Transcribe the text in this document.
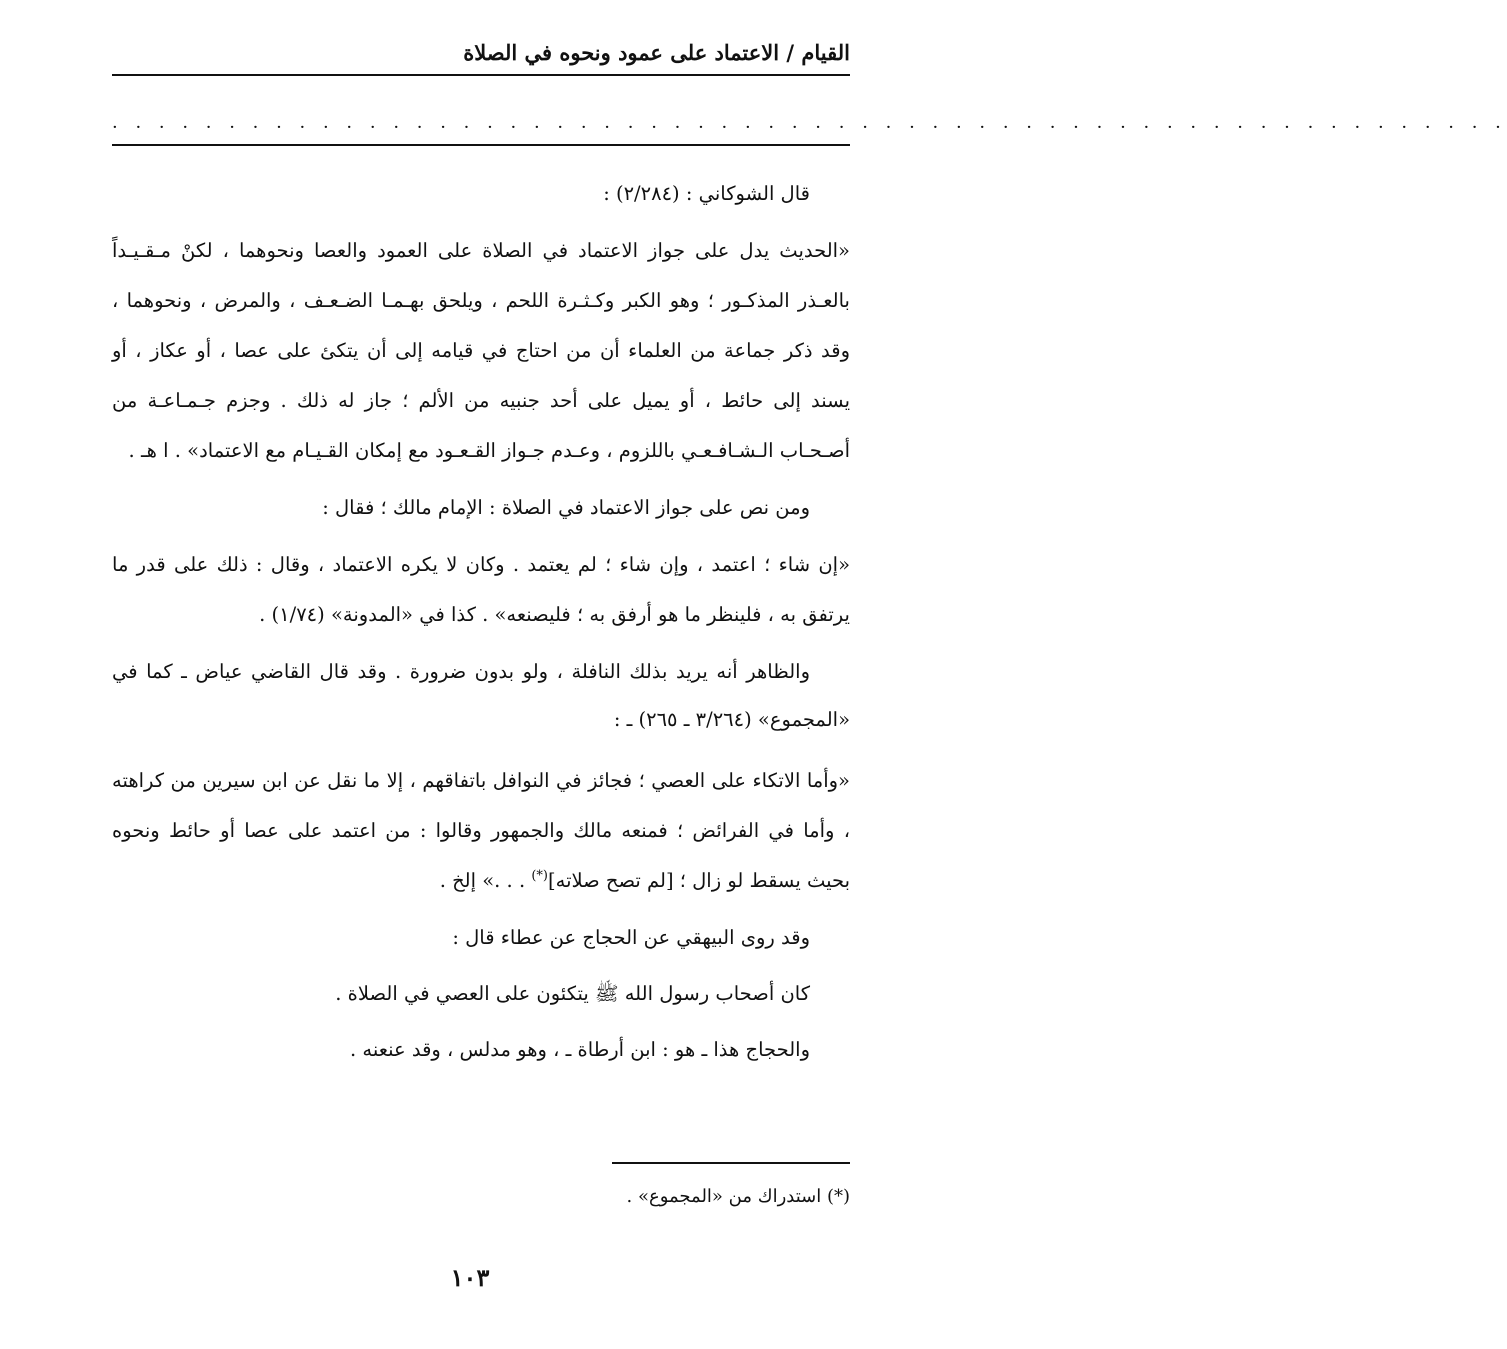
القيام / الاعتماد على عمود ونحوه في الصلاة
· · · · · · · · · · · · · · · · · · · · · · · · · · · · · · · · · · · · · · · · · · · · · · · · · · · · · · · · · · · ·

قال الشوكاني : (٢/٢٨٤) :

«الحديث يدل على جواز الاعتماد في الصلاة على العمود والعصا ونحوهما ، لكنْ مـقـيـداً بالعـذر المذكـور ؛ وهو الكبر وكـثـرة اللحم ، ويلحق بهـمـا الضـعـف ، والمرض ، ونحوهما ، وقد ذكر جماعة من العلماء أن من احتاج في قيامه إلى أن يتكئ على عصا ، أو عكاز ، أو يسند إلى حائط ، أو يميل على أحد جنبيه من الألم ؛ جاز له ذلك . وجزم جـمـاعـة من أصـحـاب الـشـافـعـي باللزوم ، وعـدم جـواز القـعـود مع إمكان القـيـام مع الاعتماد» . ا هـ .

ومن نص على جواز الاعتماد في الصلاة : الإمام مالك ؛ فقال :

«إن شاء ؛ اعتمد ، وإن شاء ؛ لم يعتمد . وكان لا يكره الاعتماد ، وقال : ذلك على قدر ما يرتفق به ، فلينظر ما هو أرفق به ؛ فليصنعه» . كذا في «المدونة» (١/٧٤) .

والظاهر أنه يريد بذلك النافلة ، ولو بدون ضرورة . وقد قال القاضي عياض ـ كما في «المجموع» (٣/٢٦٤ ـ ٢٦٥) ـ :

«وأما الاتكاء على العصي ؛ فجائز في النوافل باتفاقهم ، إلا ما نقل عن ابن سيرين من كراهته ، وأما في الفرائض ؛ فمنعه مالك والجمهور وقالوا : من اعتمد على عصا أو حائط ونحوه بحيث يسقط لو زال ؛ [لم تصح صلاته](*) . . .» إلخ .

وقد روى البيهقي عن الحجاج عن عطاء قال :

كان أصحاب رسول الله ﷺ يتكئون على العصي في الصلاة .

والحجاج هذا ـ هو : ابن أرطاة ـ ، وهو مدلس ، وقد عنعنه .

(*) استدراك من «المجموع» .
١٠٣
